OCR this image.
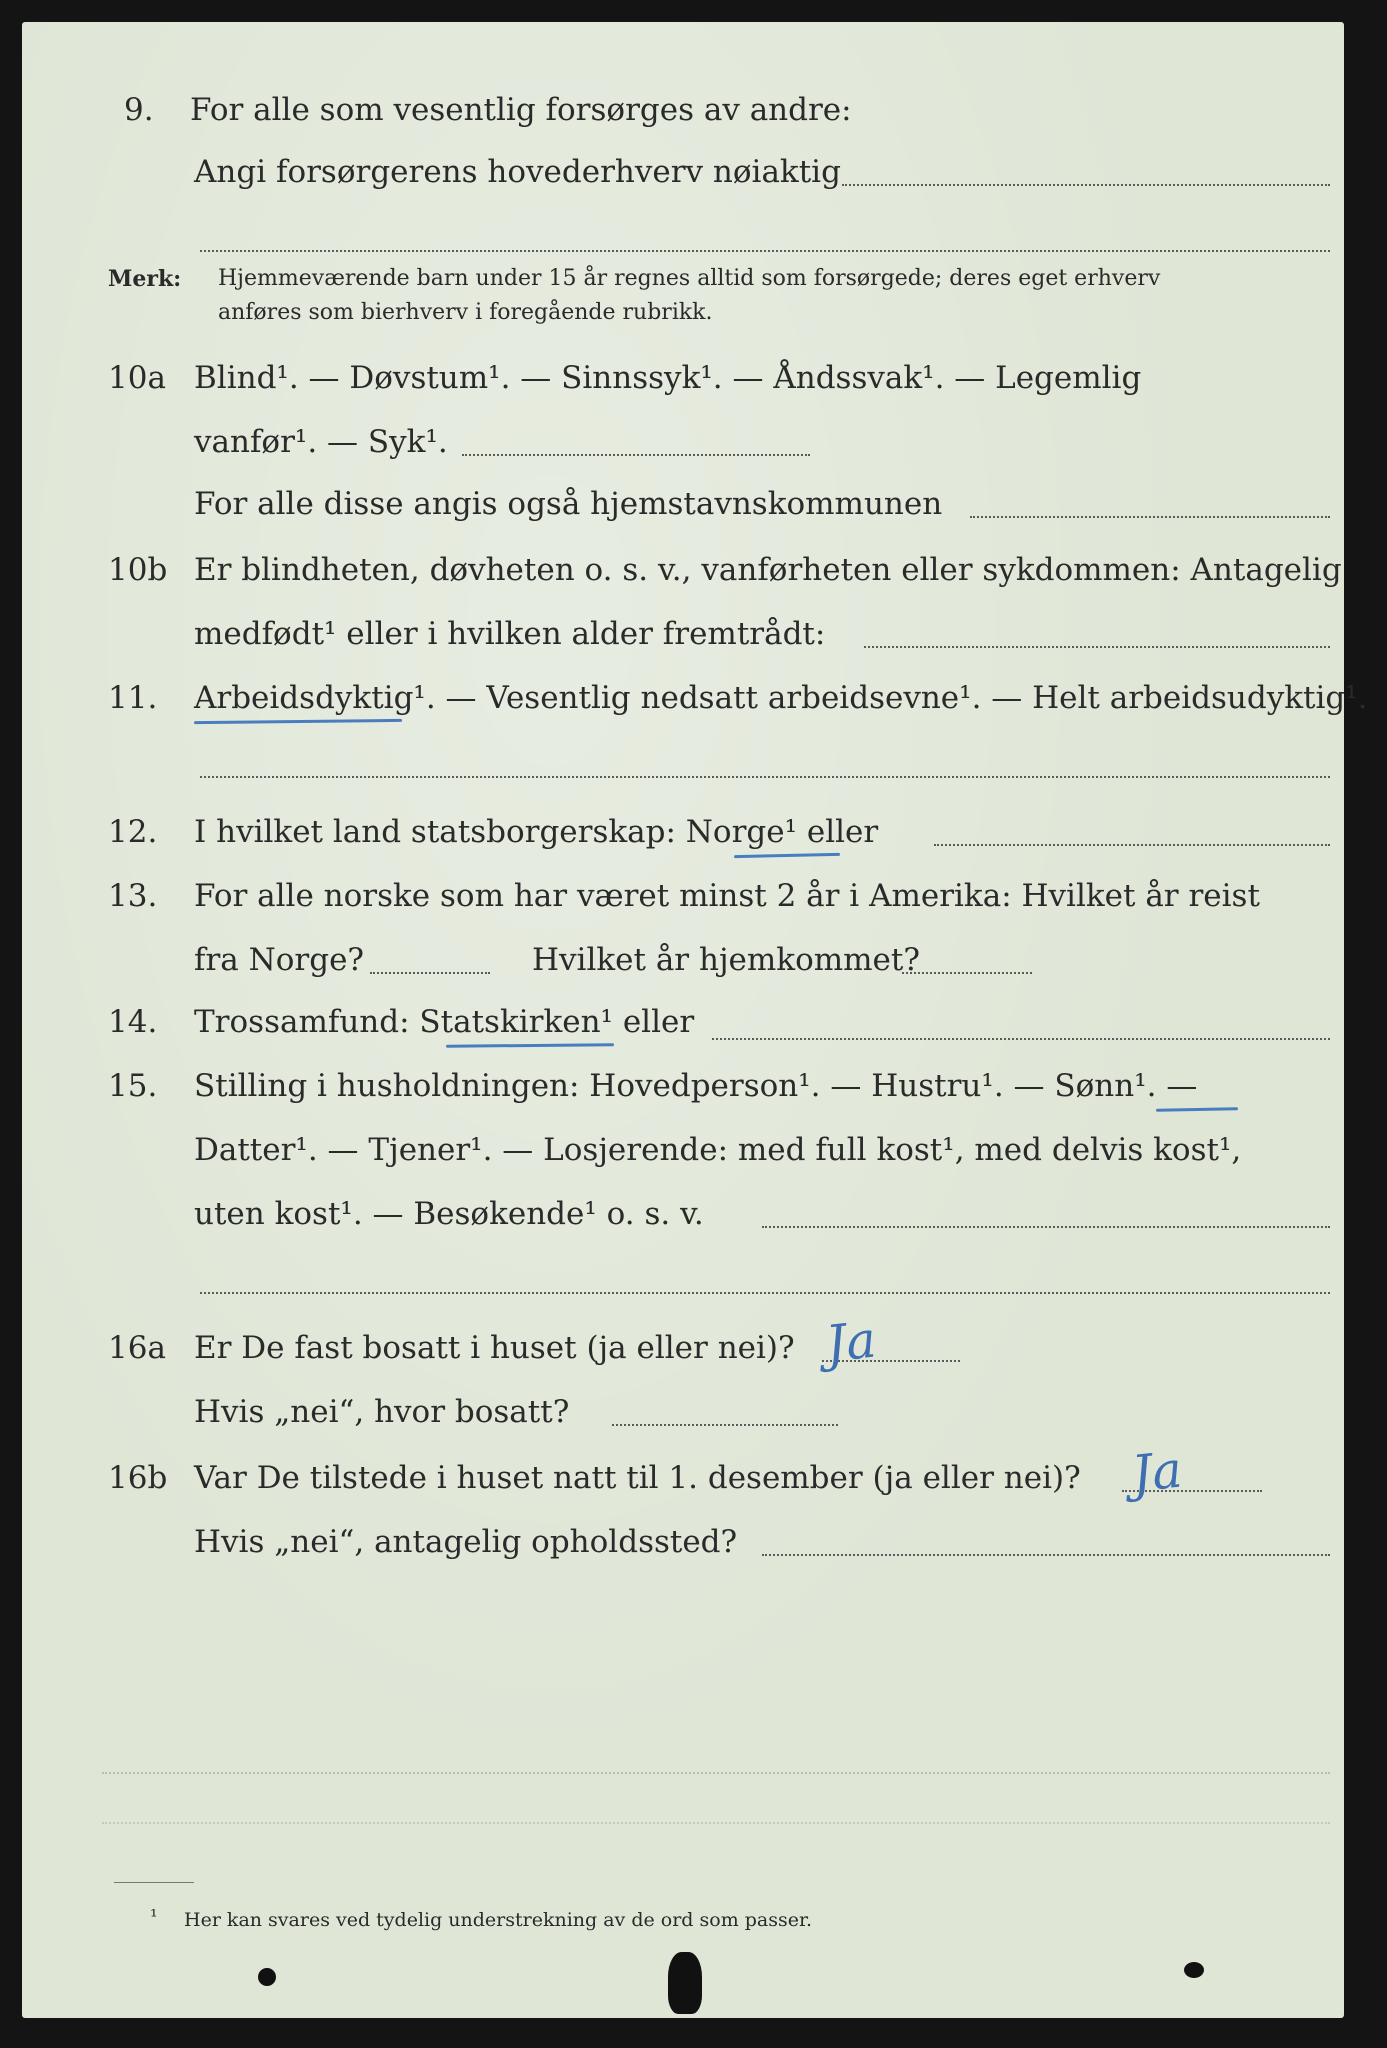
9. For alle som vesentlig forsørges av andre:
Angi forsørgerens hovederhverv nøiaktig
Merk: Hjemmeværende barn under 15 år regnes alltid som forsørgede; deres eget erhverv
anføres som bierhverv i foregående rubrikk.
10a Blind¹. — Døvstum¹. — Sinnssyk¹. — Åndssvak¹. — Legemlig
vanfør¹. — Syk¹.
For alle disse angis også hjemstavnskommunen
10b Er blindheten, døvheten o. s. v., vanførheten eller sykdommen: Antagelig
medfødt¹ eller i hvilken alder fremtrådt:
11. Arbeidsdyktig¹. — Vesentlig nedsatt arbeidsevne¹. — Helt arbeidsudyktig¹.
12. I hvilket land statsborgerskap: Norge¹ eller
13. For alle norske som har været minst 2 år i Amerika: Hvilket år reist
fra Norge?	Hvilket år hjemkommet?
14. Trossamfund: Statskirken¹ eller
15. Stilling i husholdningen: Hovedperson¹. — Hustru¹. — Sønn¹. —
Datter¹. — Tjener¹. — Losjerende: med full kost¹, med delvis kost¹,
uten kost¹. — Besøkende¹ o. s. v.
16a Er De fast bosatt i huset (ja eller nei)? Ja
Hvis „nei“, hvor bosatt?
16b Var De tilstede i huset natt til 1. desember (ja eller nei)? Ja
Hvis „nei“, antagelig opholdssted?
¹ Her kan svares ved tydelig understrekning av de ord som passer.
